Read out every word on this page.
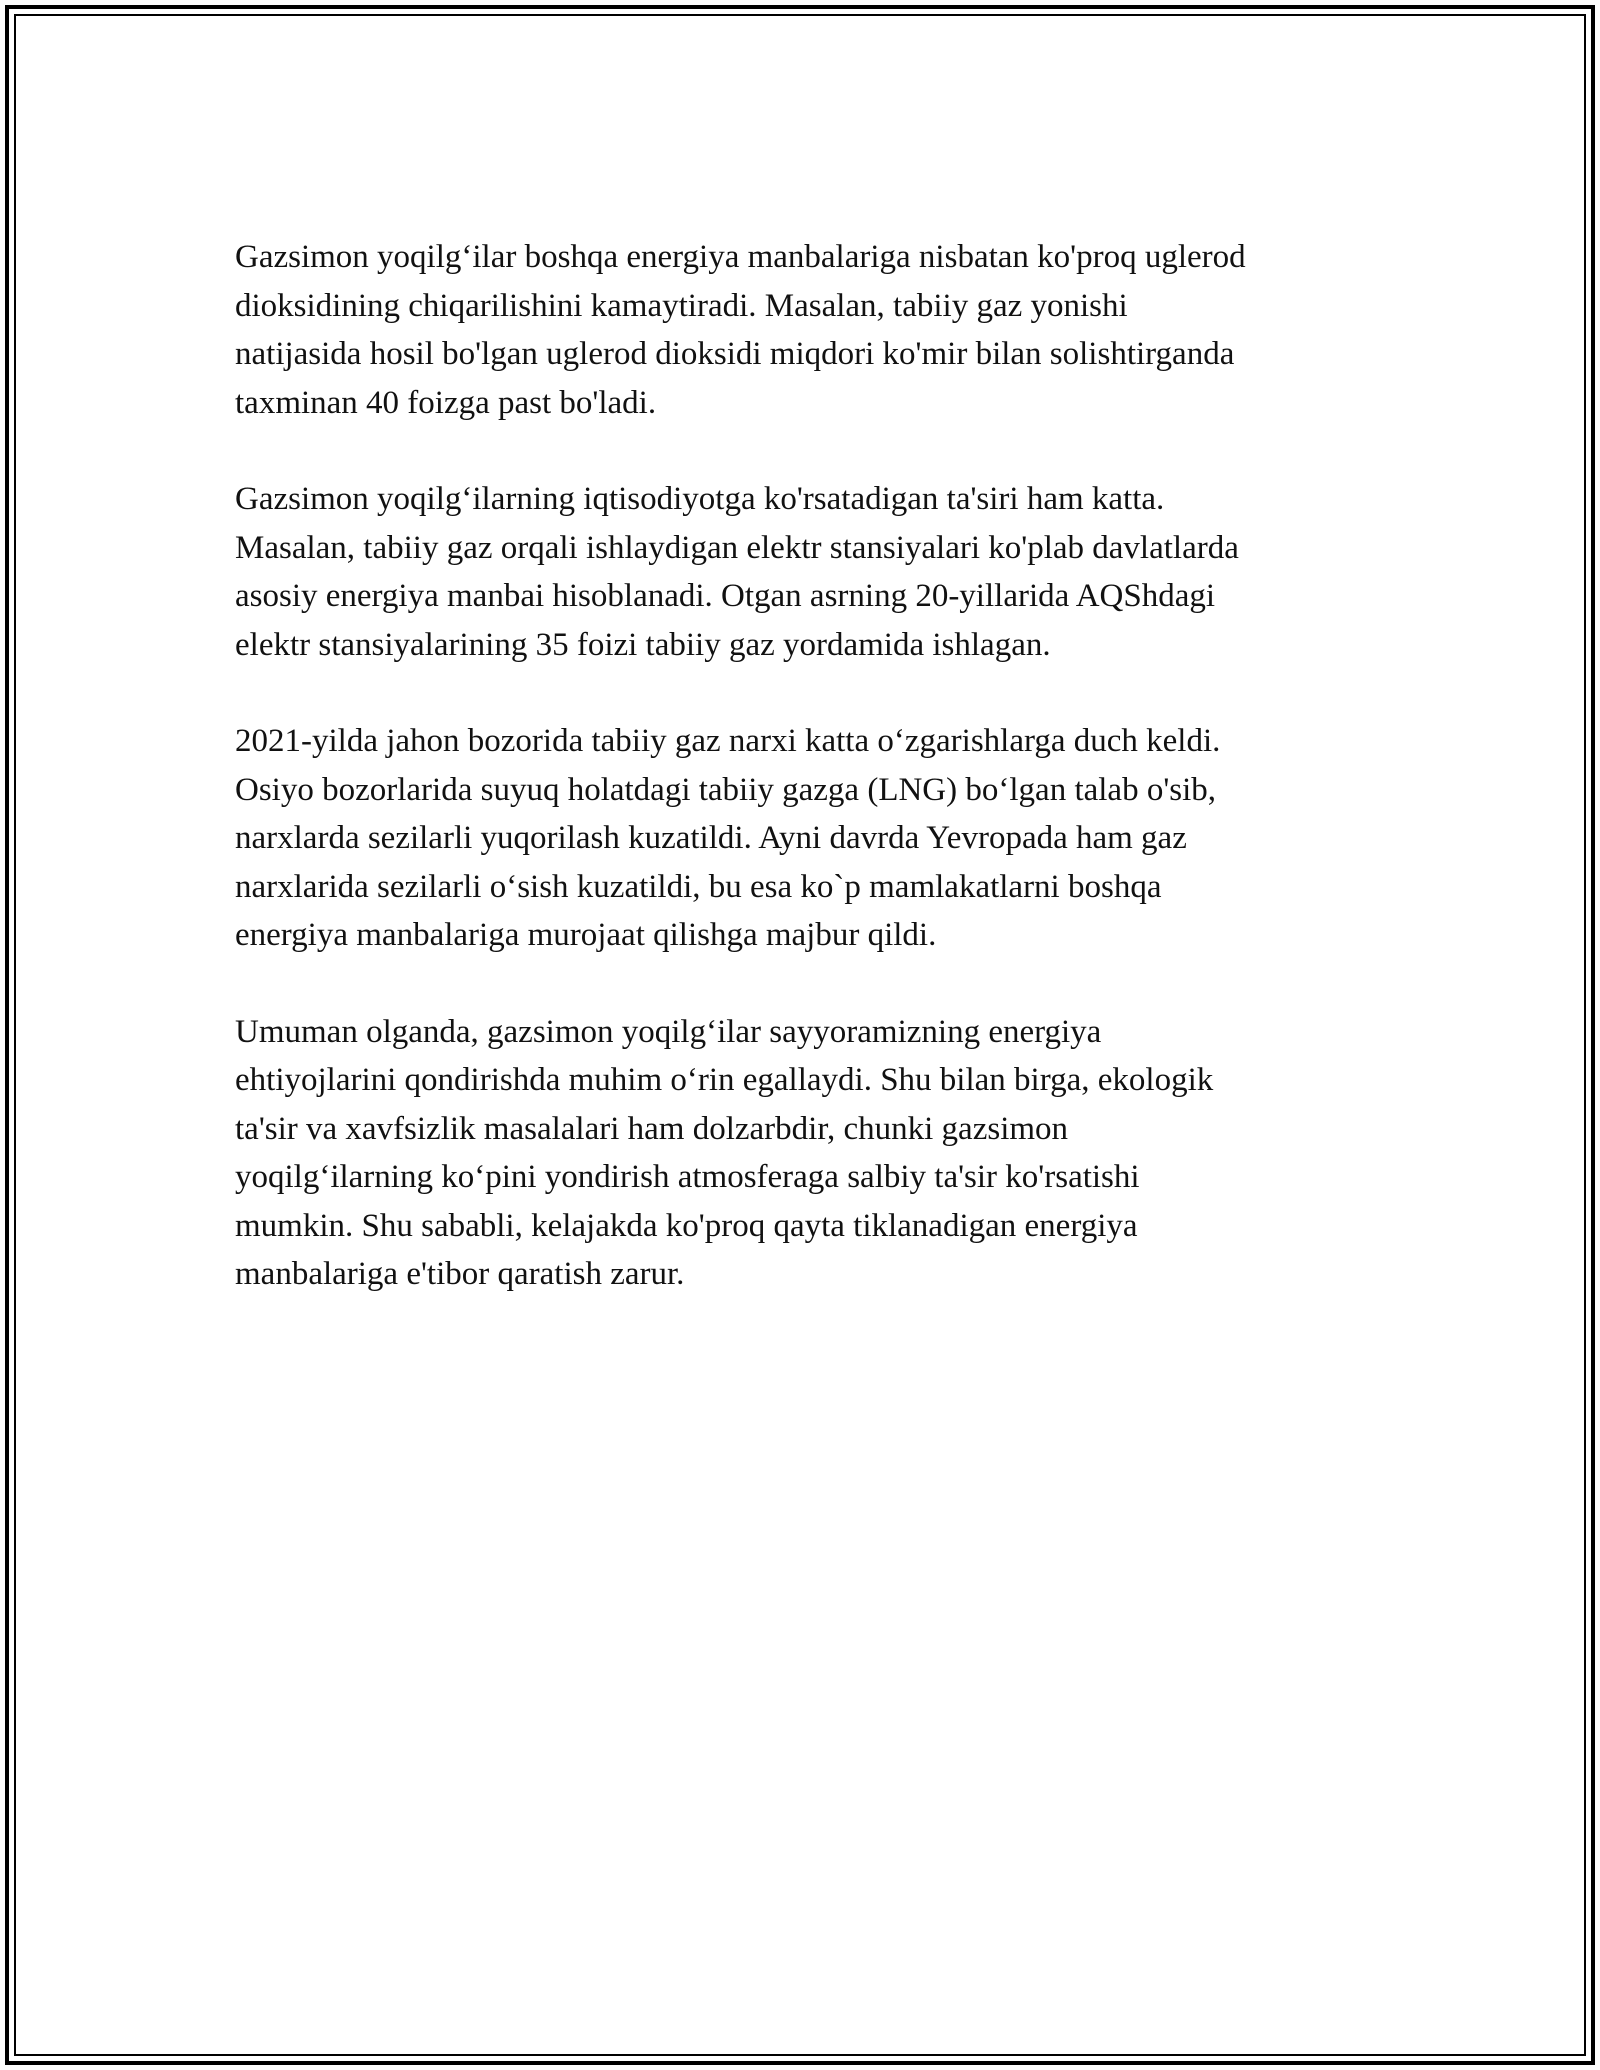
Gazsimon yoqilg‘ilar boshqa energiya manbalariga nisbatan ko'proq uglerod
dioksidining chiqarilishini kamaytiradi. Masalan, tabiiy gaz yonishi
natijasida hosil bo'lgan uglerod dioksidi miqdori ko'mir bilan solishtirganda
taxminan 40 foizga past bo'ladi.

Gazsimon yoqilg‘ilarning iqtisodiyotga ko'rsatadigan ta'siri ham katta.
Masalan, tabiiy gaz orqali ishlaydigan elektr stansiyalari ko'plab davlatlarda
asosiy energiya manbai hisoblanadi. Otgan asrning 20-yillarida AQShdagi
elektr stansiyalarining 35 foizi tabiiy gaz yordamida ishlagan.

2021-yilda jahon bozorida tabiiy gaz narxi katta o‘zgarishlarga duch keldi.
Osiyo bozorlarida suyuq holatdagi tabiiy gazga (LNG) bo‘lgan talab o'sib,
narxlarda sezilarli yuqorilash kuzatildi. Ayni davrda Yevropada ham gaz
narxlarida sezilarli o‘sish kuzatildi, bu esa ko`p mamlakatlarni boshqa
energiya manbalariga murojaat qilishga majbur qildi.

Umuman olganda, gazsimon yoqilg‘ilar sayyoramizning energiya
ehtiyojlarini qondirishda muhim o‘rin egallaydi. Shu bilan birga, ekologik
ta'sir va xavfsizlik masalalari ham dolzarbdir, chunki gazsimon
yoqilg‘ilarning ko‘pini yondirish atmosferaga salbiy ta'sir ko'rsatishi
mumkin. Shu sababli, kelajakda ko'proq qayta tiklanadigan energiya
manbalariga e'tibor qaratish zarur.
